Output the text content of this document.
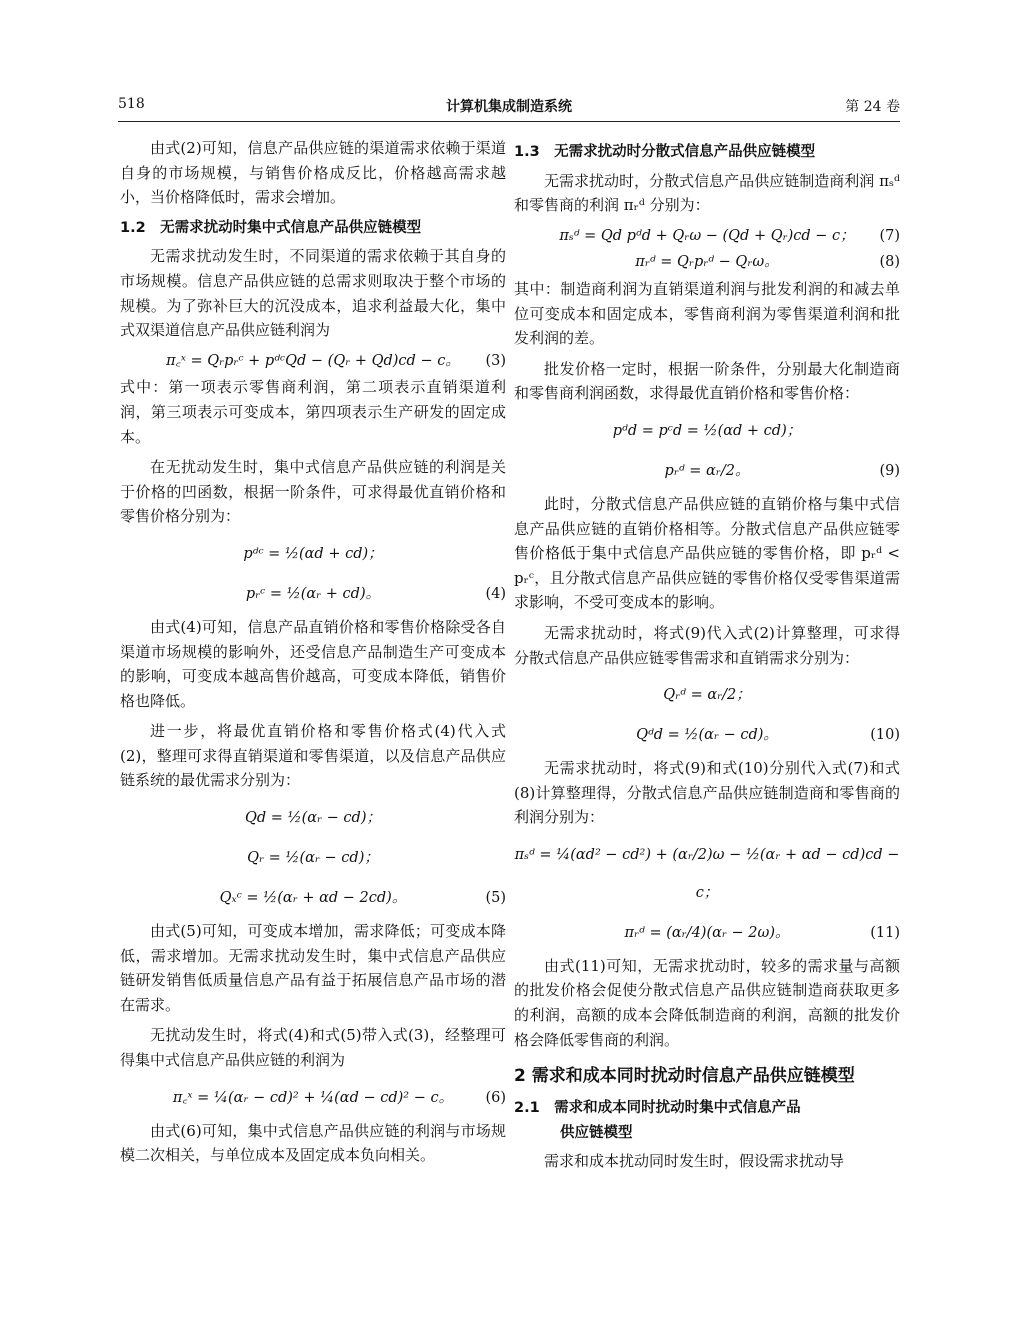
518	计算机集成制造系统	第 24 卷

由式(2)可知，信息产品供应链的渠道需求依赖于渠道自身的市场规模，与销售价格成反比，价格越高需求越小，当价格降低时，需求会增加。

1.2　无需求扰动时集中式信息产品供应链模型

无需求扰动发生时，不同渠道的需求依赖于其自身的市场规模。信息产品供应链的总需求则取决于整个市场的规模。为了弥补巨大的沉没成本，追求利益最大化，集中式双渠道信息产品供应链利润为

π꜀ˣ = Qᵣpᵣᶜ + pᵈᶜQd − (Qᵣ + Qd)cd − c。 (3)

式中：第一项表示零售商利润，第二项表示直销渠道利润，第三项表示可变成本，第四项表示生产研发的固定成本。

在无扰动发生时，集中式信息产品供应链的利润是关于价格的凹函数，根据一阶条件，可求得最优直销价格和零售价格分别为：

pᵈᶜ = ½(αd + cd)；
pᵣᶜ = ½(αᵣ + cd)。	(4)

由式(4)可知，信息产品直销价格和零售价格除受各自渠道市场规模的影响外，还受信息产品制造生产可变成本的影响，可变成本越高售价越高，可变成本降低，销售价格也降低。

进一步，将最优直销价格和零售价格式(4)代入式(2)，整理可求得直销渠道和零售渠道，以及信息产品供应链系统的最优需求分别为：

Qd = ½(αᵣ − cd)；
Qᵣ = ½(αᵣ − cd)；
Qₓᶜ = ½(αᵣ + αd − 2cd)。	(5)

由式(5)可知，可变成本增加，需求降低；可变成本降低，需求增加。无需求扰动发生时，集中式信息产品供应链研发销售低质量信息产品有益于拓展信息产品市场的潜在需求。

无扰动发生时，将式(4)和式(5)带入式(3)，经整理可得集中式信息产品供应链的利润为

π꜀ˣ = ¼(αᵣ − cd)² + ¼(αd − cd)² − c。 (6)

由式(6)可知，集中式信息产品供应链的利润与市场规模二次相关，与单位成本及固定成本负向相关。

1.3　无需求扰动时分散式信息产品供应链模型

无需求扰动时，分散式信息产品供应链制造商利润 πₛᵈ 和零售商的利润 πᵣᵈ 分别为：

πₛᵈ = Qd pᵈd + Qᵣω − (Qd + Qᵣ)cd − c； (7)
πᵣᵈ = Qᵣpᵣᵈ − Qᵣω。	(8)

其中：制造商利润为直销渠道利润与批发利润的和减去单位可变成本和固定成本，零售商利润为零售渠道利润和批发利润的差。

批发价格一定时，根据一阶条件，分别最大化制造商和零售商利润函数，求得最优直销价格和零售价格：

pᵈd = pᶜd = ½(αd + cd)；
pᵣᵈ = αᵣ/2。	(9)

此时，分散式信息产品供应链的直销价格与集中式信息产品供应链的直销价格相等。分散式信息产品供应链零售价格低于集中式信息产品供应链的零售价格，即 pᵣᵈ < pᵣᶜ，且分散式信息产品供应链的零售价格仅受零售渠道需求影响，不受可变成本的影响。

无需求扰动时，将式(9)代入式(2)计算整理，可求得分散式信息产品供应链零售需求和直销需求分别为：

Qᵣᵈ = αᵣ/2；
Qᵈd = ½(αᵣ − cd)。	(10)

无需求扰动时，将式(9)和式(10)分别代入式(7)和式(8)计算整理得，分散式信息产品供应链制造商和零售商的利润分别为：

πₛᵈ = ¼(αd² − cd²) + (αᵣ/2)ω − ½(αᵣ + αd − cd)cd − c；
πᵣᵈ = (αᵣ/4)(αᵣ − 2ω)。	(11)

由式(11)可知，无需求扰动时，较多的需求量与高额的批发价格会促使分散式信息产品供应链制造商获取更多的利润，高额的成本会降低制造商的利润，高额的批发价格会降低零售商的利润。

2 需求和成本同时扰动时信息产品供应链模型
2.1　需求和成本同时扰动时集中式信息产品
供应链模型

需求和成本扰动同时发生时，假设需求扰动导
